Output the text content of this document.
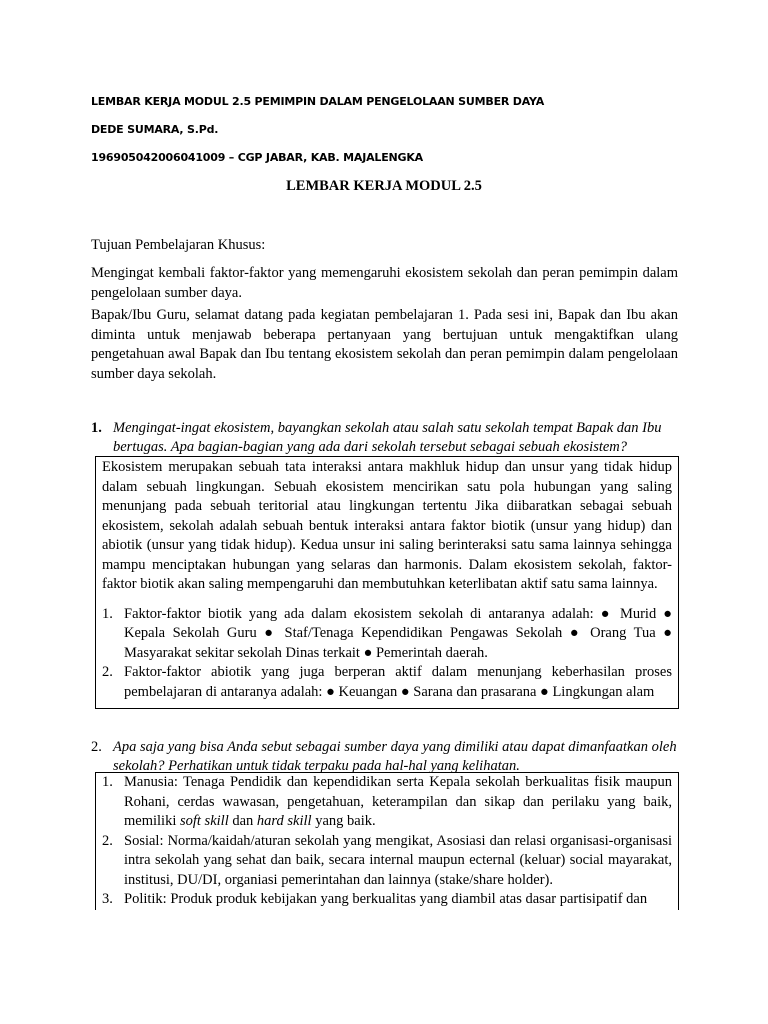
LEMBAR KERJA MODUL 2.5 PEMIMPIN DALAM PENGELOLAAN SUMBER DAYA
DEDE SUMARA, S.Pd.
196905042006041009 – CGP JABAR, KAB. MAJALENGKA
LEMBAR KERJA MODUL 2.5
Tujuan Pembelajaran Khusus:
Mengingat kembali faktor-faktor yang memengaruhi ekosistem sekolah dan peran pemimpin dalam pengelolaan sumber daya.
Bapak/Ibu Guru, selamat datang pada kegiatan pembelajaran 1. Pada sesi ini, Bapak dan Ibu akan diminta untuk menjawab beberapa pertanyaan yang bertujuan untuk mengaktifkan ulang pengetahuan awal Bapak dan Ibu tentang ekosistem sekolah dan peran pemimpin dalam pengelolaan sumber daya sekolah.
1. Mengingat-ingat ekosistem, bayangkan sekolah atau salah satu sekolah tempat Bapak dan Ibu bertugas. Apa bagian-bagian yang ada dari sekolah tersebut sebagai sebuah ekosistem?

Ekosistem merupakan sebuah tata interaksi antara makhluk hidup dan unsur yang tidak hidup dalam sebuah lingkungan. Sebuah ekosistem mencirikan satu pola hubungan yang saling menunjang pada sebuah teritorial atau lingkungan tertentu Jika diibaratkan sebagai sebuah ekosistem, sekolah adalah sebuah bentuk interaksi antara faktor biotik (unsur yang hidup) dan abiotik (unsur yang tidak hidup). Kedua unsur ini saling berinteraksi satu sama lainnya sehingga mampu menciptakan hubungan yang selaras dan harmonis. Dalam ekosistem sekolah, faktor-faktor biotik akan saling mempengaruhi dan membutuhkan keterlibatan aktif satu sama lainnya.

1. Faktor-faktor biotik yang ada dalam ekosistem sekolah di antaranya adalah: ● Murid ● Kepala Sekolah Guru ● Staf/Tenaga Kependidikan Pengawas Sekolah ● Orang Tua ● Masyarakat sekitar sekolah Dinas terkait ● Pemerintah daerah.
2. Faktor-faktor abiotik yang juga berperan aktif dalam menunjang keberhasilan proses pembelajaran di antaranya adalah: ● Keuangan ● Sarana dan prasarana ● Lingkungan alam
2. Apa saja yang bisa Anda sebut sebagai sumber daya yang dimiliki atau dapat dimanfaatkan oleh sekolah? Perhatikan untuk tidak terpaku pada hal-hal yang kelihatan.
1. Manusia: Tenaga Pendidik dan kependidikan serta Kepala sekolah berkualitas fisik maupun Rohani, cerdas wawasan, pengetahuan, keterampilan dan sikap dan perilaku yang baik, memiliki soft skill dan hard skill yang baik.
2. Sosial: Norma/kaidah/aturan sekolah yang mengikat, Asosiasi dan relasi organisasi-organisasi intra sekolah yang sehat dan baik, secara internal maupun ecternal (keluar) social mayarakat, institusi, DU/DI, organiasi pemerintahan dan lainnya (stake/share holder).
3. Politik: Produk produk kebijakan yang berkualitas yang diambil atas dasar partisipatif dan
